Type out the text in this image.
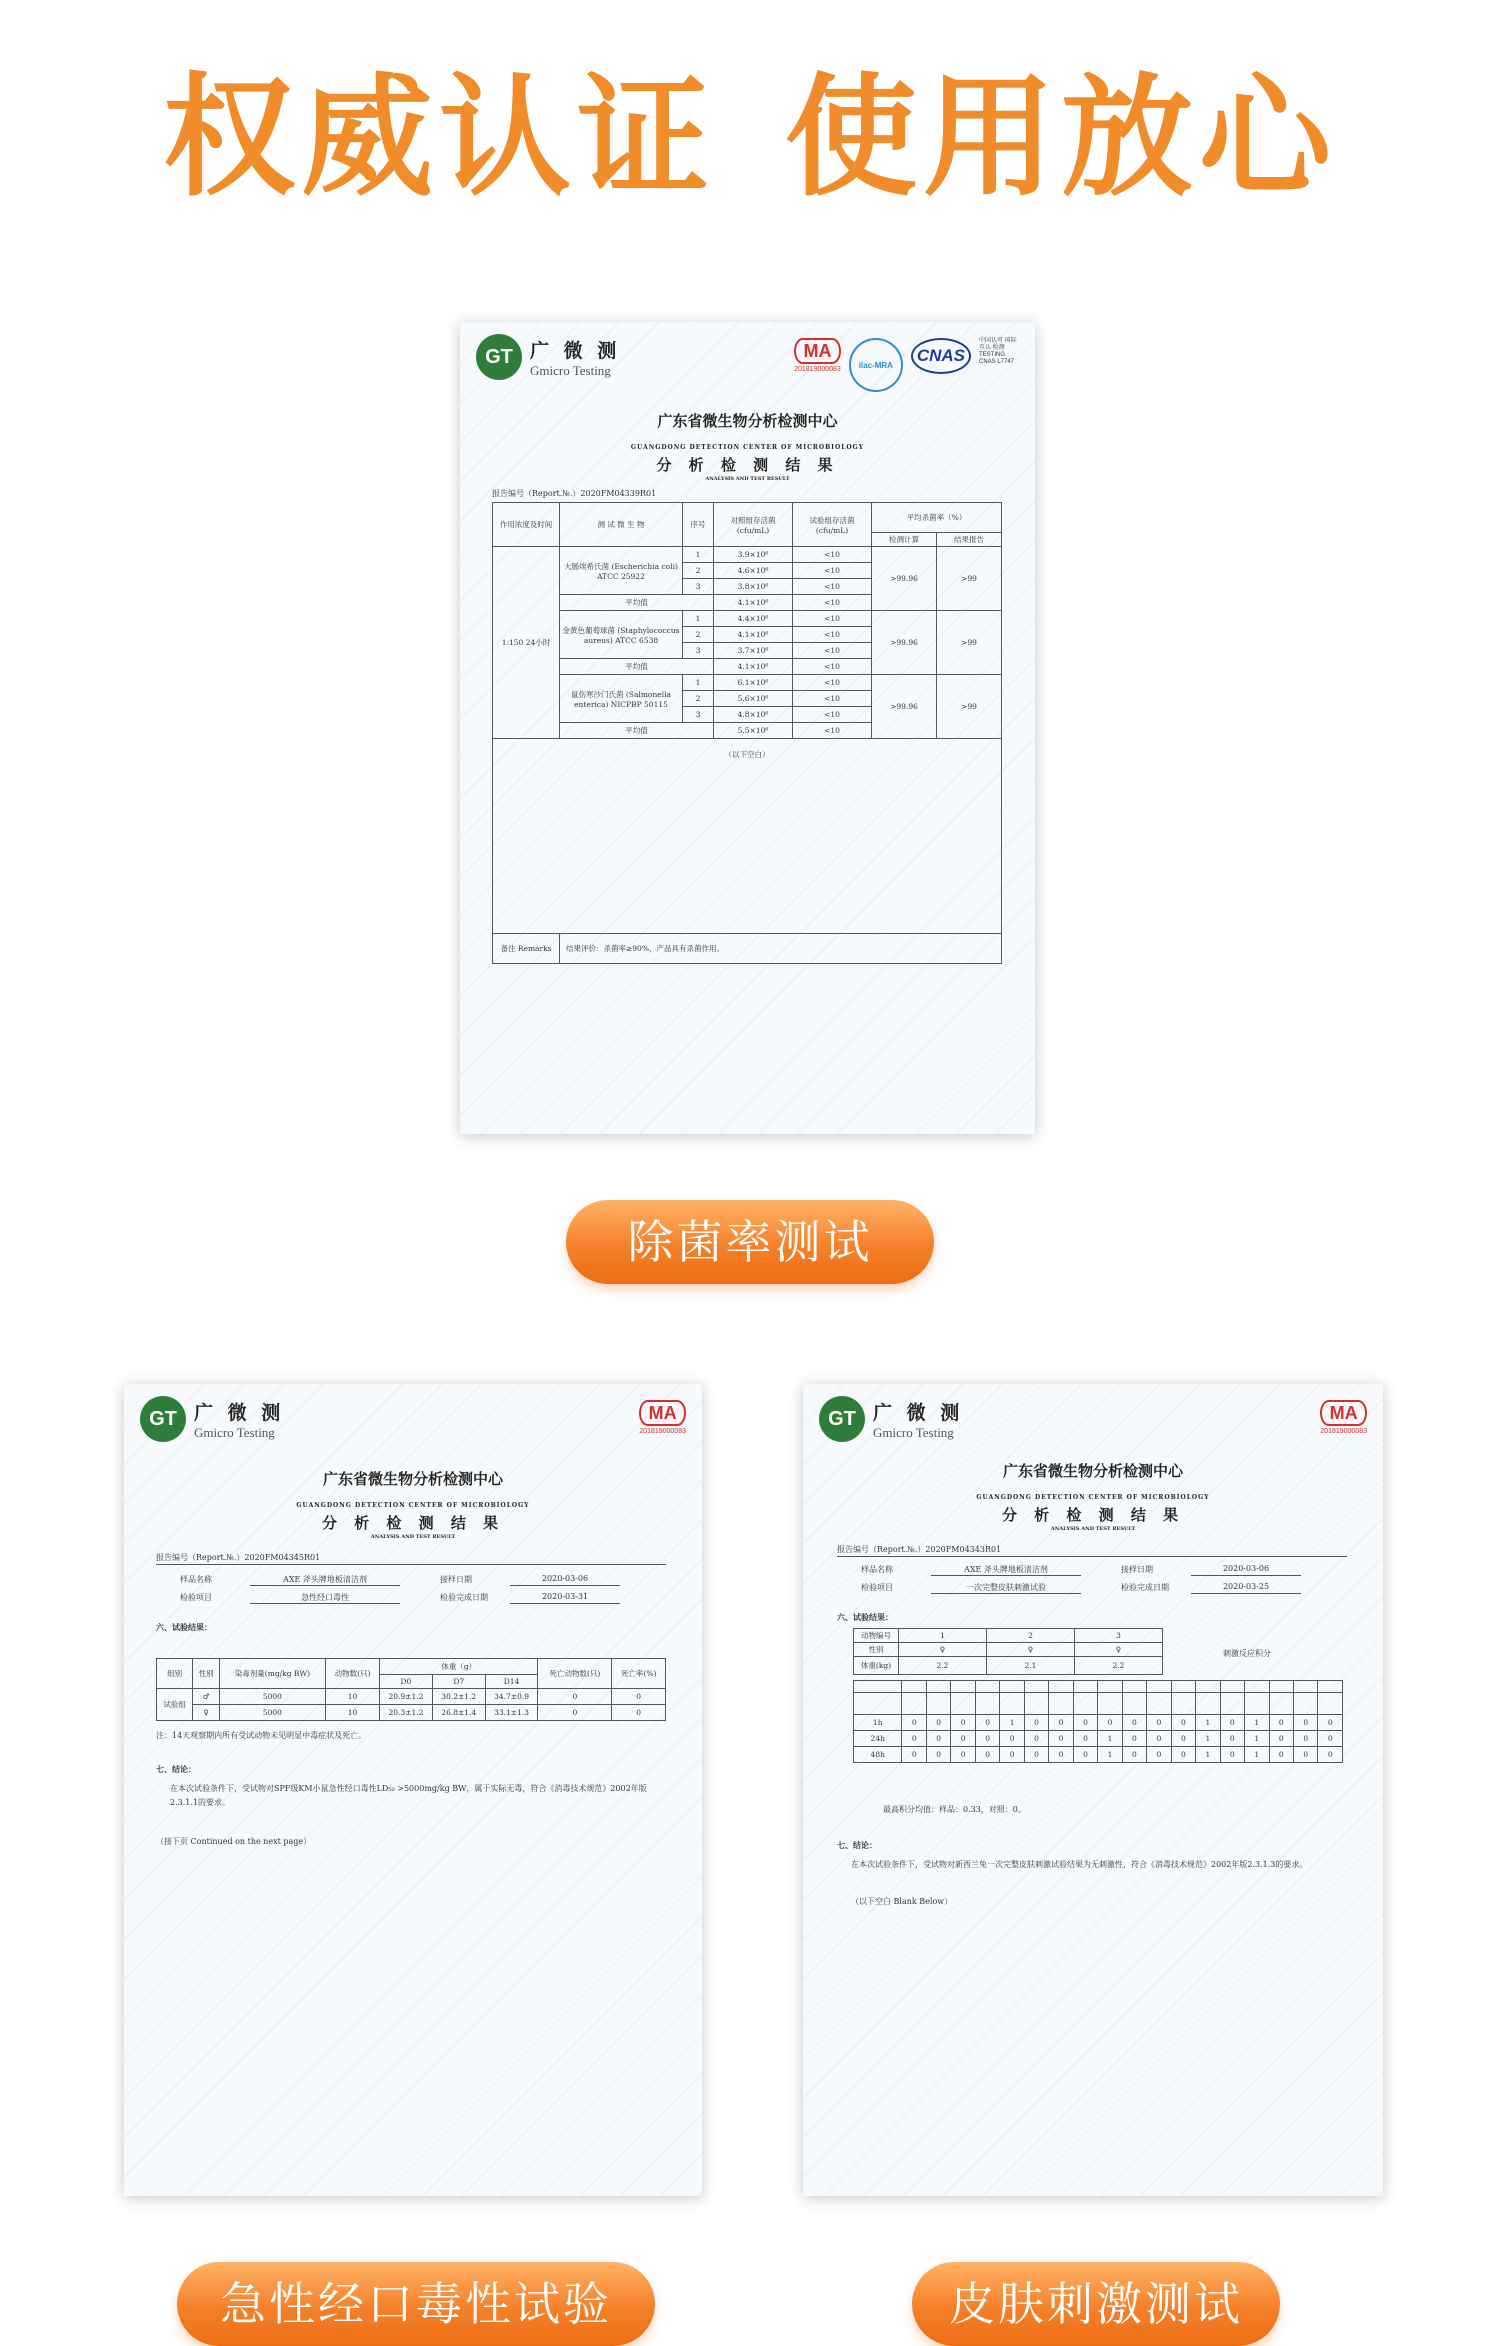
权威认证 使用放心
GT 广 微 测
Gmicro Testing
MA
201819000083	ilac-MRA	CNAS
中国认可 国际互认 检测 TESTING CNAS L7747
广东省微生物分析检测中心
GUANGDONG DETECTION CENTER OF MICROBIOLOGY
分 析 检 测 结 果
ANALYSIS AND TEST RESULT
报告编号（Report.№.）2020FM04339R01
作用浓度及时间	测 试 微 生 物	序号	对照组存活菌(cfu/mL)	试验组存活菌(cfu/mL)	平均杀菌率（%）	
					检测计算	结果报告
1:150 24小时	大肠埃希氏菌 (Escherichia coli) ATCC 25922	1	3.9×10⁶	<10	>99.96	>99
		2	4.6×10⁶	<10		
		3	3.8×10⁶	<10		
	平均值		4.1×10⁶	<10		
	金黄色葡萄球菌 (Staphylococcus aureus) ATCC 6538	1	4.4×10⁶	<10	>99.96	>99
		2	4.1×10⁶	<10		
		3	3.7×10⁶	<10		
	平均值		4.1×10⁶	<10		
	鼠伤寒沙门氏菌 (Salmonella enterica) NICPBP 50115	1	6.1×10⁶	<10	>99.96	>99
		2	5.6×10⁶	<10		
		3	4.8×10⁶	<10		
	平均值		5.5×10⁶	<10		
（以下空白）						
备注 Remarks	结果评价：杀菌率≥90%，产品具有杀菌作用。					
除菌率测试
GT 广 微 测
Gmicro Testing
MA
201819000083
广东省微生物分析检测中心
GUANGDONG DETECTION CENTER OF MICROBIOLOGY
分 析 检 测 结 果
ANALYSIS AND TEST RESULT
报告编号（Report.№.）2020FM04345R01
样品名称	AXE 斧头牌地板清洁剂	接样日期	2020-03-06
检验项目	急性经口毒性	检验完成日期	2020-03-31
六、试验结果：
组别	性别	染毒剂量(mg/kg BW)	动物数(只)	体重（g）			死亡动物数(只)	死亡率(%)
				D0	D7	D14		
试验组	♂	5000	10	20.9±1.2	30.2±1.2	34.7±0.9	0	0
	♀	5000	10	20.3±1.2	26.8±1.4	33.1±1.3	0	0
注：14天观察期内所有受试动物未见明显中毒症状及死亡。
七、结论：
在本次试验条件下，受试物对SPF级KM小鼠急性经口毒性LD₅₀ >5000mg/kg BW，属于实际无毒，符合《消毒技术规范》2002年版2.3.1.1的要求。
（接下页 Continued on the next page）
急性经口毒性试验
GT 广 微 测
Gmicro Testing
MA
201819000083
广东省微生物分析检测中心
GUANGDONG DETECTION CENTER OF MICROBIOLOGY
分 析 检 测 结 果
ANALYSIS AND TEST RESULT
报告编号（Report.№.）2020FM04343R01
样品名称	AXE 斧头牌地板清洁剂	接样日期	2020-03-06
检验项目	一次完整皮肤刺激试验	检验完成日期	2020-03-25
六、试验结果：
动物编号	1	2	3
性别	♀	♀	♀
体重(kg)	2.2	2.1	2.2
刺激反应积分

1h	0	0	0	0	1	0	0	0	0	0	0	0	1	0	1	0	0	0
24h	0	0	0	0	0	0	0	0	1	0	0	0	1	0	1	0	0	0
48h	0	0	0	0	0	0	0	0	1	0	0	0	1	0	1	0	0	0
最高积分均值：样品：0.33，对照：0。
七、结论：
在本次试验条件下，受试物对新西兰兔一次完整皮肤刺激试验结果为无刺激性，符合《消毒技术规范》2002年版2.3.1.3的要求。
（以下空白 Blank Below）
皮肤刺激测试
